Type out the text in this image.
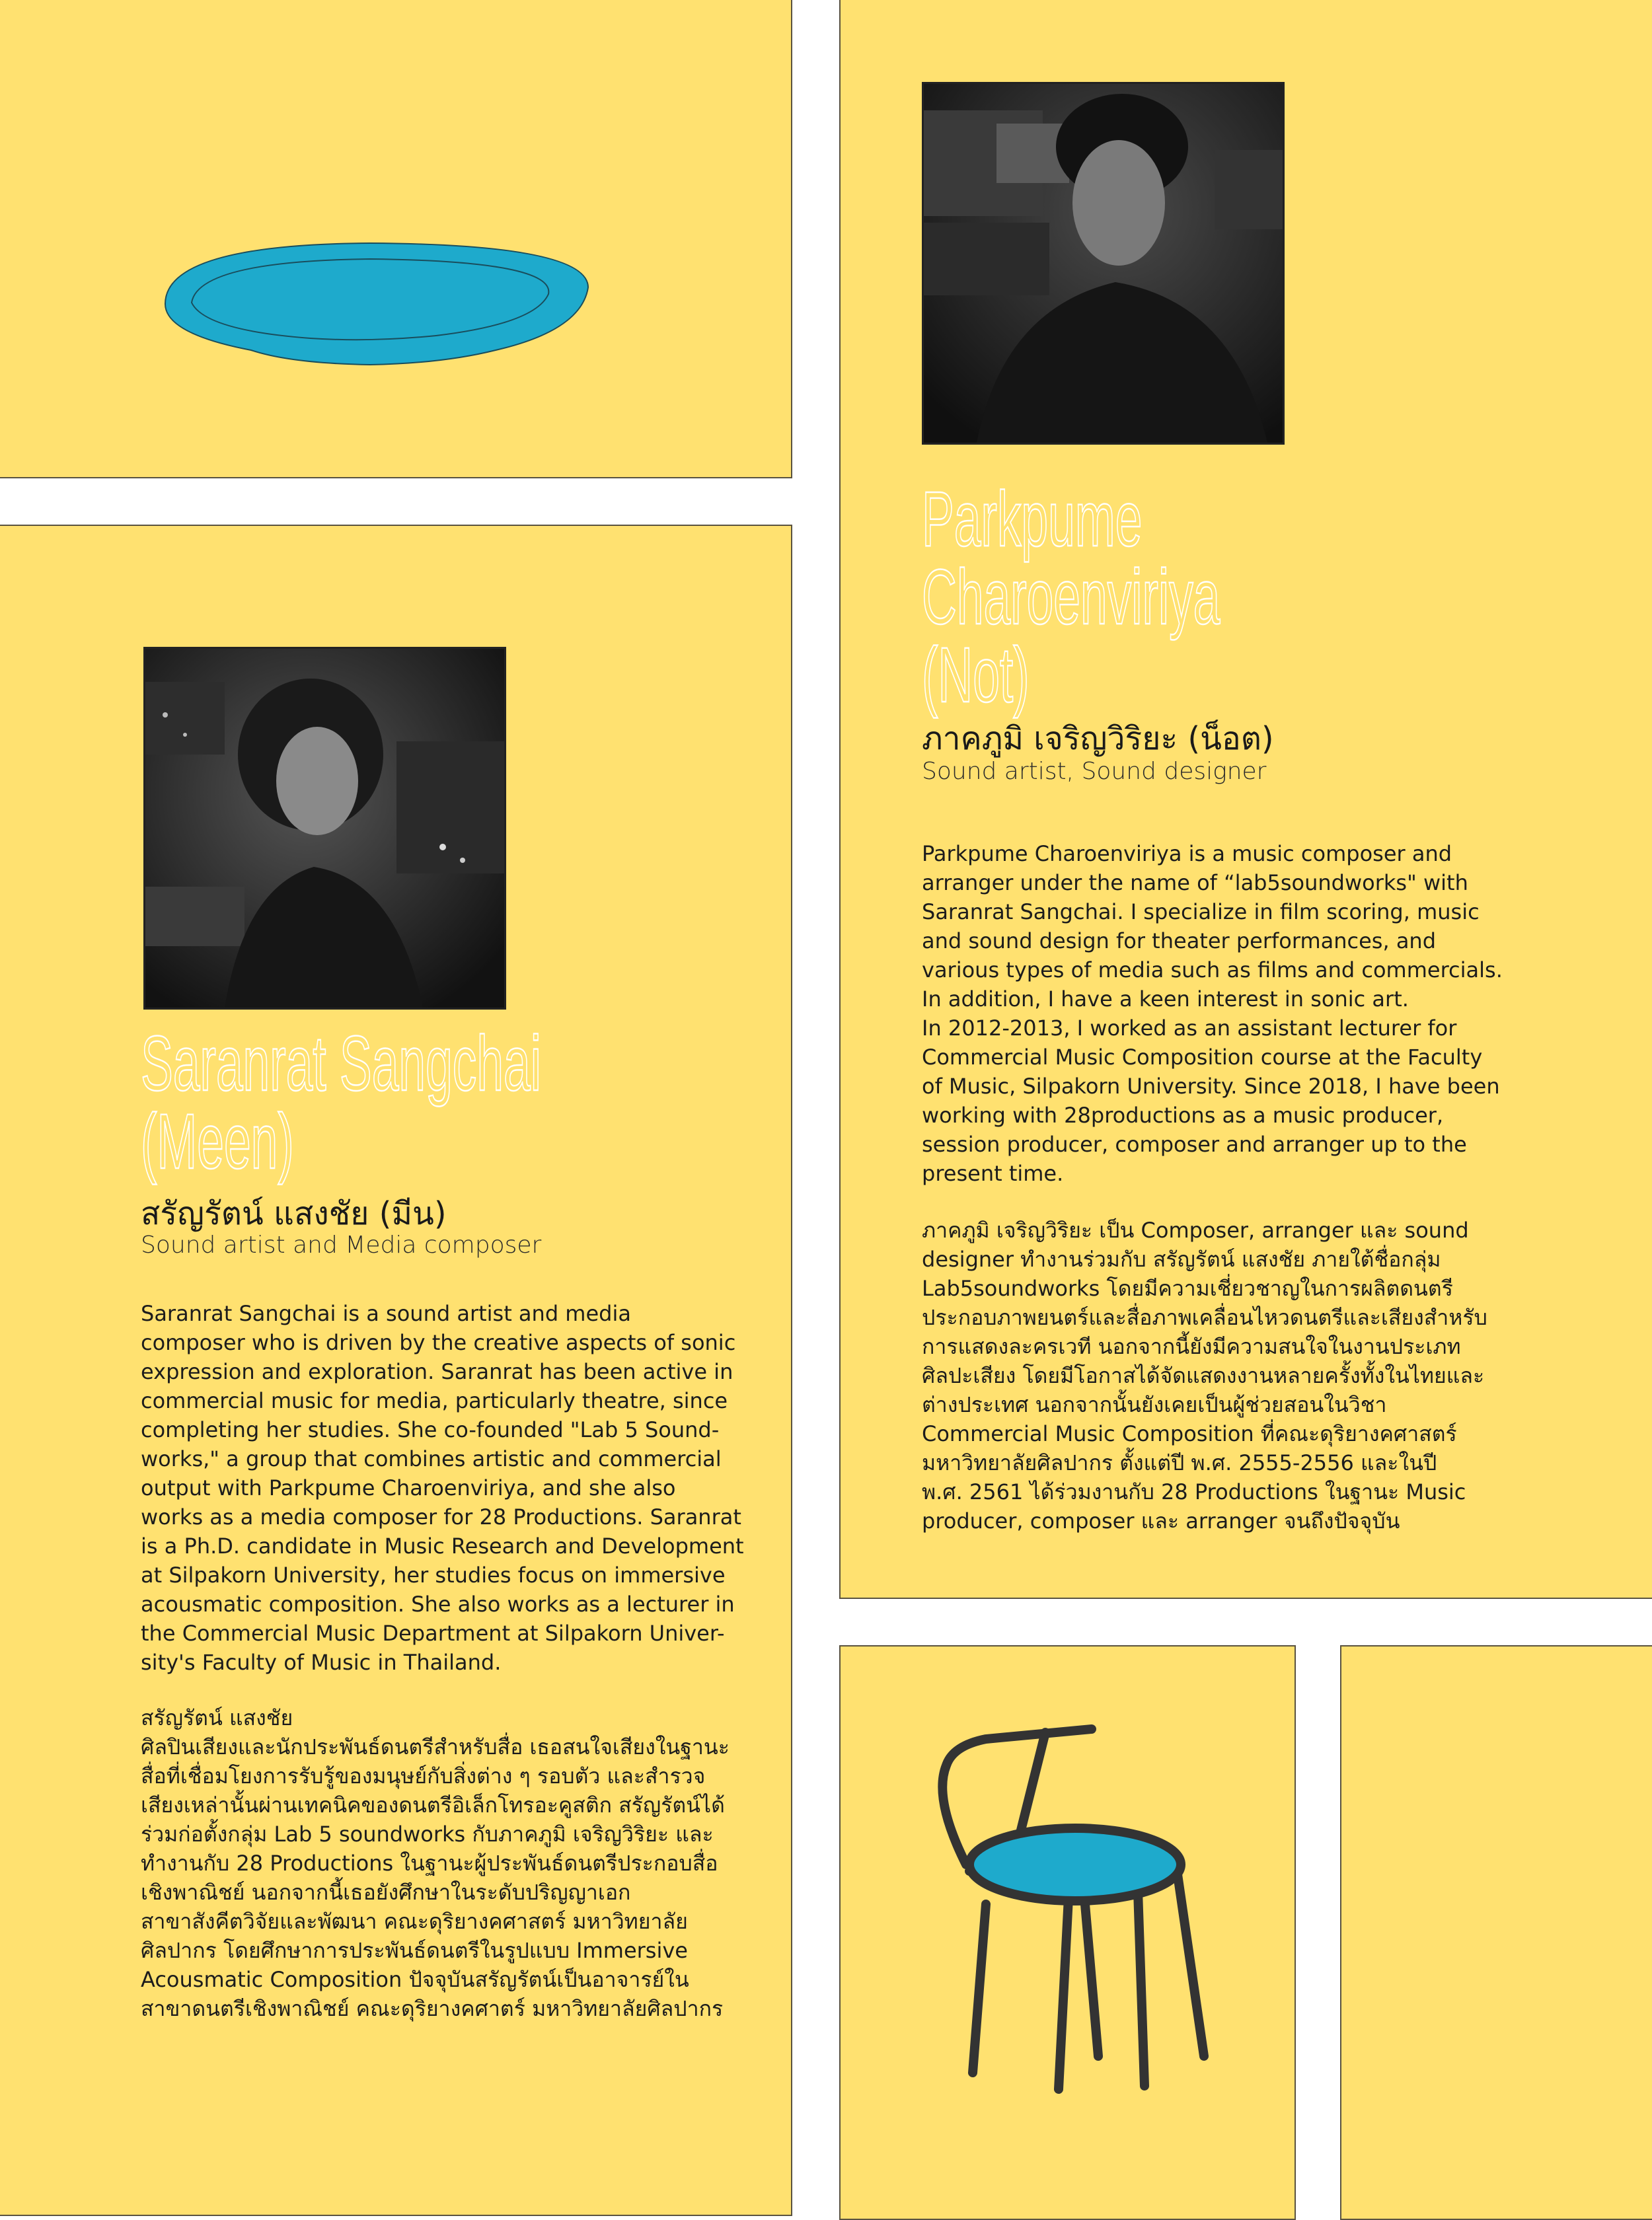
Saranrat Sangchai
(Meen)

สรัญรัตน์ แสงชัย (มีน)

Sound artist and Media composer

Saranrat Sangchai is a sound artist and media
composer who is driven by the creative aspects of sonic
expression and exploration. Saranrat has been active in
commercial music for media, particularly theatre, since
completing her studies. She co-founded "Lab 5 Sound-
works," a group that combines artistic and commercial
output with Parkpume Charoenviriya, and she also
works as a media composer for 28 Productions. Saranrat
is a Ph.D. candidate in Music Research and Development
at Silpakorn University, her studies focus on immersive
acousmatic composition. She also works as a lecturer in
the Commercial Music Department at Silpakorn Univer-
sity's Faculty of Music in Thailand.

สรัญรัตน์ แสงชัย
ศิลปินเสียงและนักประพันธ์ดนตรีสำหรับสื่อ เธอสนใจเสียงในฐานะ
สื่อที่เชื่อมโยงการรับรู้ของมนุษย์กับสิ่งต่าง ๆ รอบตัว และสำรวจ
เสียงเหล่านั้นผ่านเทคนิคของดนตรีอิเล็กโทรอะคูสติก สรัญรัตน์ได้
ร่วมก่อตั้งกลุ่ม Lab 5 soundworks กับภาคภูมิ เจริญวิริยะ และ
ทำงานกับ 28 Productions ในฐานะผู้ประพันธ์ดนตรีประกอบสื่อ
เชิงพาณิชย์ นอกจากนี้เธอยังศึกษาในระดับปริญญาเอก
สาขาสังคีตวิจัยและพัฒนา คณะดุริยางคศาสตร์ มหาวิทยาลัย
ศิลปากร โดยศึกษาการประพันธ์ดนตรีในรูปแบบ Immersive
Acousmatic Composition ปัจจุบันสรัญรัตน์เป็นอาจารย์ใน
สาขาดนตรีเชิงพาณิชย์ คณะดุริยางคศาตร์ มหาวิทยาลัยศิลปากร

Parkpume
Charoenviriya
(Not)

ภาคภูมิ เจริญวิริยะ (น็อต)

Sound artist, Sound designer

Parkpume Charoenviriya is a music composer and
arranger under the name of “lab5soundworks" with
Saranrat Sangchai. I specialize in film scoring, music
and sound design for theater performances, and
various types of media such as films and commercials.
In addition, I have a keen interest in sonic art.
In 2012-2013, I worked as an assistant lecturer for
Commercial Music Composition course at the Faculty
of Music, Silpakorn University. Since 2018, I have been
working with 28productions as a music producer,
session producer, composer and arranger up to the
present time.

ภาคภูมิ เจริญวิริยะ เป็น Composer, arranger และ sound
designer ทำงานร่วมกับ สรัญรัตน์ แสงชัย ภายใต้ชื่อกลุ่ม
Lab5soundworks โดยมีความเชี่ยวชาญในการผลิตดนตรี
ประกอบภาพยนตร์และสื่อภาพเคลื่อนไหวดนตรีและเสียงสำหรับ
การแสดงละครเวที นอกจากนี้ยังมีความสนใจในงานประเภท
ศิลปะเสียง โดยมีโอกาสได้จัดแสดงงานหลายครั้งทั้งในไทยและ
ต่างประเทศ นอกจากนั้นยังเคยเป็นผู้ช่วยสอนในวิชา
Commercial Music Composition ที่คณะดุริยางคศาสตร์
มหาวิทยาลัยศิลปากร ตั้งแต่ปี พ.ศ. 2555-2556 และในปี
พ.ศ. 2561 ได้ร่วมงานกับ 28 Productions ในฐานะ Music
producer, composer และ arranger จนถึงปัจจุบัน
